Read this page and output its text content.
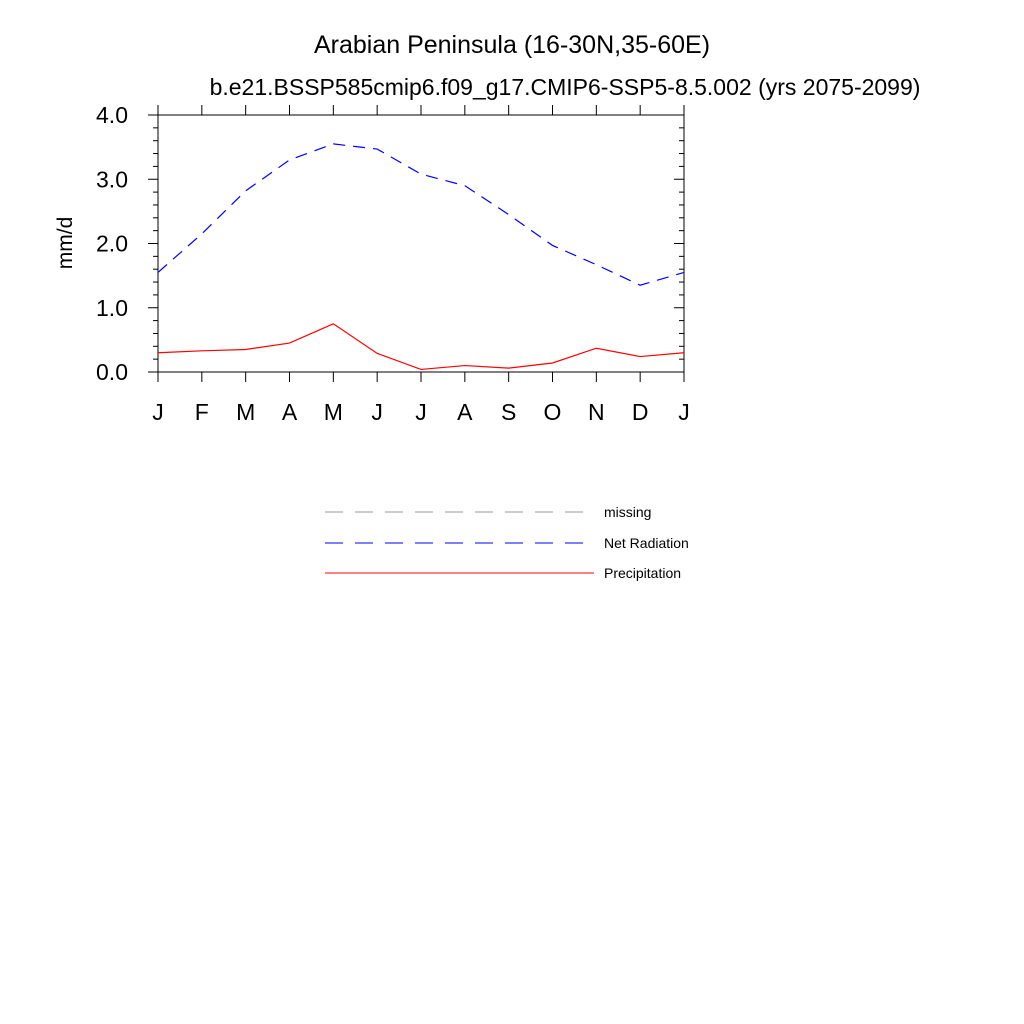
Arabian Peninsula (16-30N,35-60E)
b.e21.BSSP585cmip6.f09_g17.CMIP6-SSP5-8.5.002 (yrs 2075-2099)
mm/d
J F M A M J J A S O N D J
0.0
1.0
2.0
3.0
4.0
missing
Net Radiation
Precipitation
